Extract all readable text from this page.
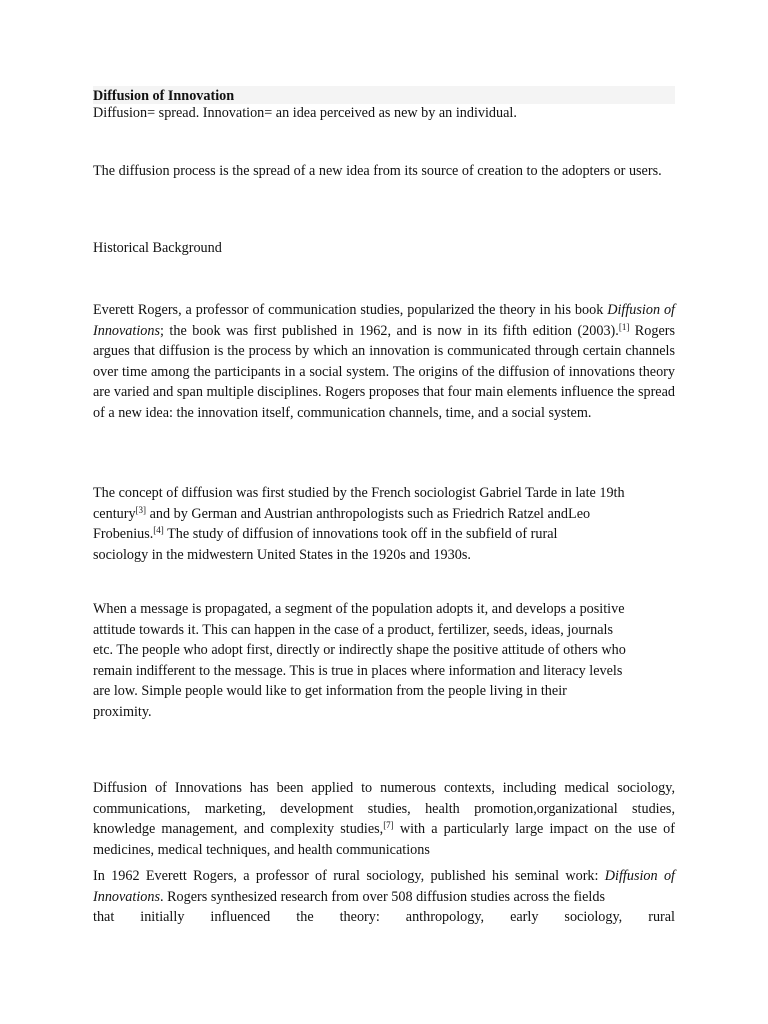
Diffusion of Innovation

Diffusion= spread. Innovation= an idea perceived as new by an individual.

The diffusion process is the spread of a new idea from its source of creation to the adopters or users.

Historical Background

Everett Rogers, a professor of communication studies, popularized the theory in his book Diffusion of Innovations; the book was first published in 1962, and is now in its fifth edition (2003).[1] Rogers argues that diffusion is the process by which an innovation is communicated through certain channels over time among the participants in a social system. The origins of the diffusion of innovations theory are varied and span multiple disciplines. Rogers proposes that four main elements influence the spread of a new idea: the innovation itself, communication channels, time, and a social system.

The concept of diffusion was first studied by the French sociologist Gabriel Tarde in late 19th
century[3] and by German and Austrian anthropologists such as Friedrich Ratzel andLeo
Frobenius.[4] The study of diffusion of innovations took off in the subfield of rural
sociology in the midwestern United States in the 1920s and 1930s.

When a message is propagated, a segment of the population adopts it, and develops a positive
attitude towards it. This can happen in the case of a product, fertilizer, seeds, ideas, journals
etc. The people who adopt first, directly or indirectly shape the positive attitude of others who
remain indifferent to the message. This is true in places where information and literacy levels
are low. Simple people would like to get information from the people living in their
proximity.

Diffusion of Innovations has been applied to numerous contexts, including medical sociology, communications, marketing, development studies, health promotion,organizational studies, knowledge management, and complexity studies,[7] with a particularly large impact on the use of medicines, medical techniques, and health communications

In 1962 Everett Rogers, a professor of rural sociology, published his seminal work: Diffusion of Innovations. Rogers synthesized research from over 508 diffusion studies across the fields
that initially influenced the theory: anthropology, early sociology, rural
